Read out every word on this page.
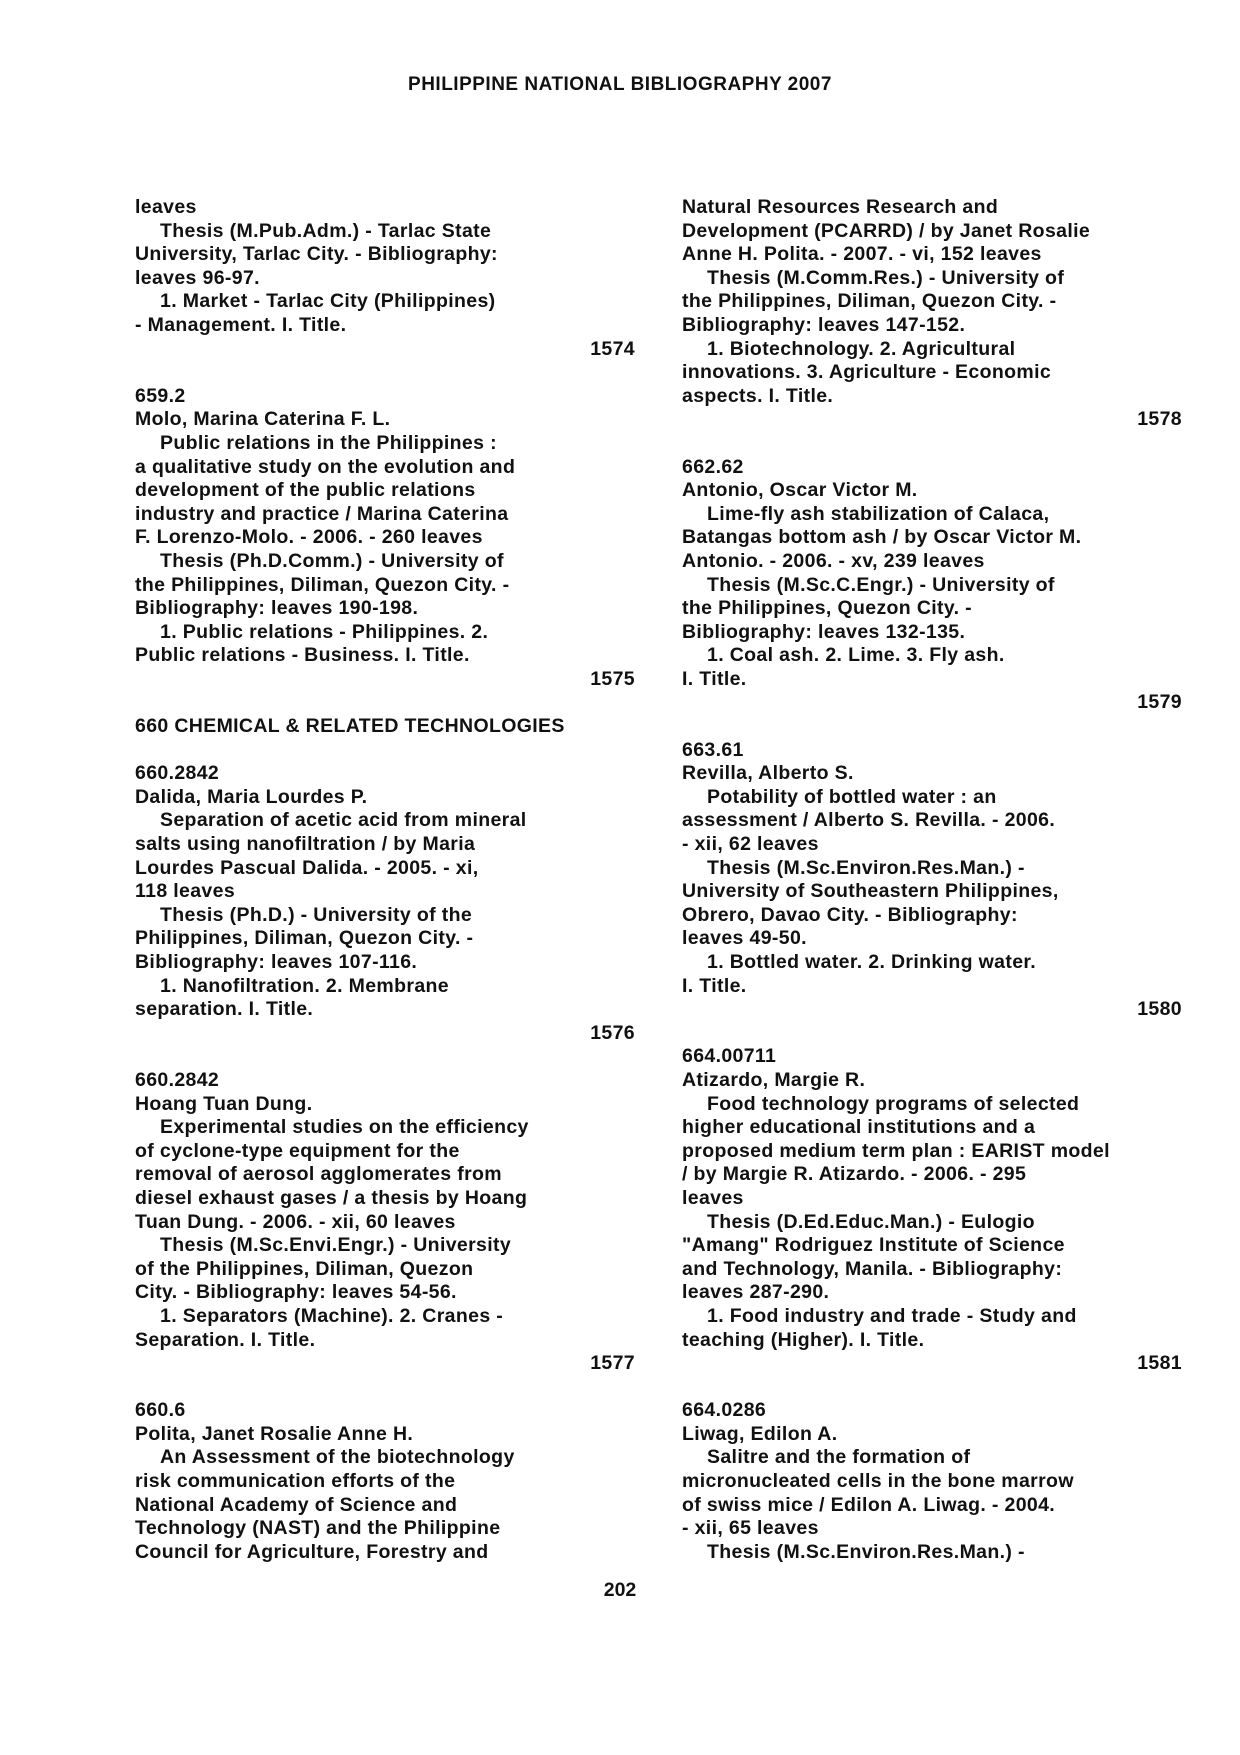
PHILIPPINE NATIONAL BIBLIOGRAPHY 2007
leaves
Thesis (M.Pub.Adm.) - Tarlac State
University, Tarlac City. - Bibliography:
leaves 96-97.
1. Market - Tarlac City (Philippines)
- Management. I. Title.
1574
659.2
Molo, Marina Caterina F. L.
Public relations in the Philippines :
a qualitative study on the evolution and
development of the public relations
industry and practice / Marina Caterina
F. Lorenzo-Molo. - 2006. - 260 leaves
Thesis (Ph.D.Comm.) - University of
the Philippines, Diliman, Quezon City. -
Bibliography: leaves 190-198.
1. Public relations - Philippines. 2.
Public relations - Business. I. Title.
1575
660 CHEMICAL & RELATED TECHNOLOGIES
660.2842
Dalida, Maria Lourdes P.
Separation of acetic acid from mineral
salts using nanofiltration / by Maria
Lourdes Pascual Dalida. - 2005. - xi,
118 leaves
Thesis (Ph.D.) - University of the
Philippines, Diliman, Quezon City. -
Bibliography: leaves 107-116.
1. Nanofiltration. 2. Membrane
separation. I. Title.
1576
660.2842
Hoang Tuan Dung.
Experimental studies on the efficiency
of cyclone-type equipment for the
removal of aerosol agglomerates from
diesel exhaust gases / a thesis by Hoang
Tuan Dung. - 2006. - xii, 60 leaves
Thesis (M.Sc.Envi.Engr.) - University
of the Philippines, Diliman, Quezon
City. - Bibliography: leaves 54-56.
1. Separators (Machine). 2. Cranes -
Separation. I. Title.
1577
660.6
Polita, Janet Rosalie Anne H.
An Assessment of the biotechnology
risk communication efforts of the
National Academy of Science and
Technology (NAST) and the Philippine
Council for Agriculture, Forestry and
Natural Resources Research and
Development (PCARRD) / by Janet Rosalie
Anne H. Polita. - 2007. - vi, 152 leaves
Thesis (M.Comm.Res.) - University of
the Philippines, Diliman, Quezon City. -
Bibliography: leaves 147-152.
1. Biotechnology. 2. Agricultural
innovations. 3. Agriculture - Economic
aspects. I. Title.
1578
662.62
Antonio, Oscar Victor M.
Lime-fly ash stabilization of Calaca,
Batangas bottom ash / by Oscar Victor M.
Antonio. - 2006. - xv, 239 leaves
Thesis (M.Sc.C.Engr.) - University of
the Philippines, Quezon City. -
Bibliography: leaves 132-135.
1. Coal ash. 2. Lime. 3. Fly ash.
I. Title.
1579
663.61
Revilla, Alberto S.
Potability of bottled water : an
assessment / Alberto S. Revilla. - 2006.
- xii, 62 leaves
Thesis (M.Sc.Environ.Res.Man.) -
University of Southeastern Philippines,
Obrero, Davao City. - Bibliography:
leaves 49-50.
1. Bottled water. 2. Drinking water.
I. Title.
1580
664.00711
Atizardo, Margie R.
Food technology programs of selected
higher educational institutions and a
proposed medium term plan : EARIST model
/ by Margie R. Atizardo. - 2006. - 295
leaves
Thesis (D.Ed.Educ.Man.) - Eulogio
"Amang" Rodriguez Institute of Science
and Technology, Manila. - Bibliography:
leaves 287-290.
1. Food industry and trade - Study and
teaching (Higher). I. Title.
1581
664.0286
Liwag, Edilon A.
Salitre and the formation of
micronucleated cells in the bone marrow
of swiss mice / Edilon A. Liwag. - 2004.
- xii, 65 leaves
Thesis (M.Sc.Environ.Res.Man.) -
202
